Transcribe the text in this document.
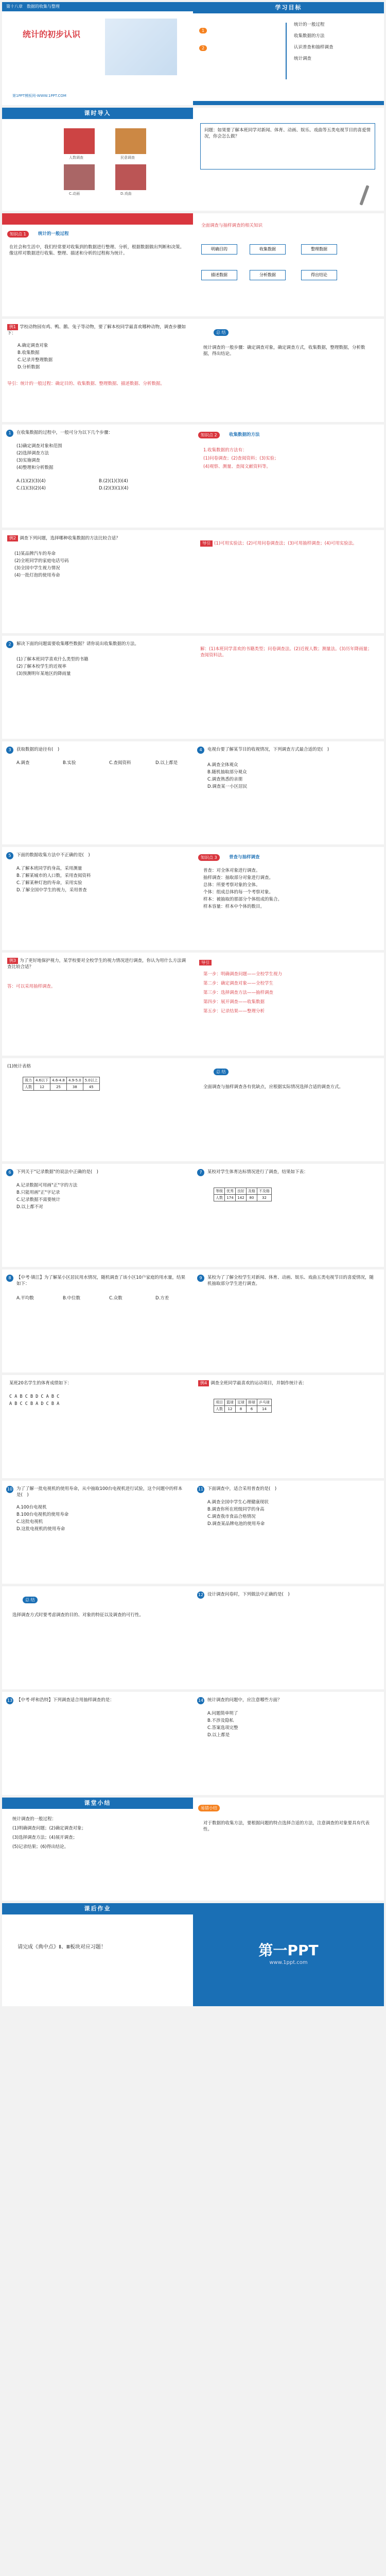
第十八章　数据的收集与整理
统计的初步认识
第1PPT模板网-WWW.1PPT.COM
学习目标
1
2
统计的一般过程
收集数据的方法
认识普查和抽样调查
统计调查
课时导入
人数调查	民意调查
C.动画	D.戏曲
问题：如果要了解本班同学对新闻、体育、动画、娱乐、戏曲等五类电视节目的喜爱情况，你会怎么做？
感悟新知
知识点 1	统计的一般过程
在社会和生活中，我们经常要对收集到的数据进行整理、分析，根据数据做出判断和决策。像这样对数据进行收集、整理、描述和分析的过程称为统计。
全面调查与抽样调查的相关知识
明确目的	收集数据	整理数据
描述数据	分析数据	得出结论
例1 学校动物园有鸡、鸭、鹅、兔子等动物，要了解本校同学最喜欢哪种动物，调查步骤如下：
A.确定调查对象
B.收集数据
C.记录并整理数据
D.分析数据
导引：统计的一般过程：确定目的、收集数据、整理数据、描述数据、分析数据。
总 结
统计调查的一般步骤：确定调查对象，确定调查方式，收集数据，整理数据，分析数据，得出结论。
1	在收集数据的过程中，一般可分为以下几个步骤：
(1)确定调查对象和范围
(2)选择调查方法
(3)实施调查
(4)整理和分析数据
A.(1)(2)(3)(4)	B.(2)(1)(3)(4)
C.(1)(3)(2)(4)	D.(2)(3)(1)(4)
知识点 2	收集数据的方法
1.收集数据的方法有：
(1)问卷调查；(2)查阅资料；(3)实验；
(4)观察、测量、查阅文献资料等。
例2 调查下列问题，选择哪种收集数据的方法比较合适？
(1)某品牌汽车的寿命
(2)全班同学的家庭电话号码
(3)全国中学生视力情况
(4)一批灯泡的使用寿命
导引 (1)可用实验法；(2)可用问卷调查法；(3)可用抽样调查；(4)可用实验法。
2	解决下面的问题需要收集哪些数据？请你说出收集数据的方法。
(1)了解本班同学喜欢什么类型的书籍
(2)了解本校学生的近视率
(3)预测明年某地区的降雨量
解：(1)本班同学喜欢的书籍类型；问卷调查法。(2)近视人数；测量法。(3)历年降雨量；查阅资料法。
3	获取数据的途径有(　)
A.调查	B.实验	C.查阅资料	D.以上都是
4	电视台要了解某节目的收视情况，下列调查方式最合适的是(　)
A.调查全体观众
B.随机抽取部分观众
C.调查熟悉的亲朋
D.调查某一小区居民
5	下面的数据收集方法中不正确的是(　)
A.了解本班同学的身高，采用测量
B.了解某城市的人口数，采用查阅资料
C.了解某种灯泡的寿命，采用实验
D.了解全国中学生的视力，采用普查
知识点 3	普查与抽样调查
普查：对全体对象进行调查。
抽样调查：抽取部分对象进行调查。
总体：所要考察对象的全体。
个体：组成总体的每一个考察对象。
样本：被抽取的那部分个体组成的集合。
样本容量：样本中个体的数目。
例3 为了更好地保护视力，某学校要对全校学生的视力情况进行调查，你认为用什么方法调查比较合适？
答：可以采用抽样调查。
导引
第一步：明确调查问题——全校学生视力
第二步：确定调查对象——全校学生
第三步：选择调查方法——抽样调查
第四步：展开调查——收集数据
第五步：记录结果——整理分析
(1)统计表格
视力	4.6以下	4.6-4.8	4.9-5.0	5.0以上
人数	12	25	38	45
总 结
全面调查与抽样调查各有优缺点，应根据实际情况选择合适的调查方式。
6	下列关于"记录数据"的说法中正确的是(　)
A.记录数据可用画"正"字的方法
B.只能用画"正"字记录
C.记录数据不需要统计
D.以上都不对
7	某校对学生体育达标情况进行了调查，结果如下表：
等级	优秀	良好	及格	不及格
人数	174	142	80	32
8	【中考·镇江】为了解某小区居民用水情况，随机调查了该小区10户家庭的用水量，结果如下：
A.平均数	B.中位数	C.众数	D.方差
9	某校为了了解全校学生对新闻、体育、动画、娱乐、戏曲五类电视节目的喜爱情况，随机抽取部分学生进行调查。
某班20名学生的体育成绩如下：
C A B C B D C A B C
A B C C B A D C B A
例4 调查全班同学最喜欢的运动项目，并制作统计表：
项目	篮球	足球	排球	乒乓球
人数	12	8	6	14
10 为了了解一批电视机的使用寿命，从中抽取100台电视机进行试验，这个问题中的样本是(　)
A.100台电视机
B.100台电视机的使用寿命
C.这批电视机
D.这批电视机的使用寿命
11 下面调查中，适合采用普查的是(　)
A.调查全国中学生心理健康现状
B.调查你所在班级同学的身高
C.调查我市食品合格情况
D.调查某品牌电池的使用寿命
总 结
选择调查方式时要考虑调查的目的、对象的特征以及调查的可行性。
12 设计调查问卷时，下列做法中正确的是(　)
13 【中考·呼和浩特】下列调查适合用抽样调查的是：	14 统计调查的问题中，应注意哪些方面？
A.问题简单明了
B.不涉及隐私
C.答案选项完整
D.以上都是
课堂小结
统计调查的一般过程：
(1)明确调查问题；(2)确定调查对象；
(3)选择调查方法；(4)展开调查；
(5)记录结果；(6)得出结论。
易错小结
对于数据的收集方法，要根据问题的特点选择合适的方法，注意调查的对象要具有代表性。
课后作业
请完成《典中点》Ⅱ、Ⅲ板块对应习题！	第一PPT
www.1ppt.com
